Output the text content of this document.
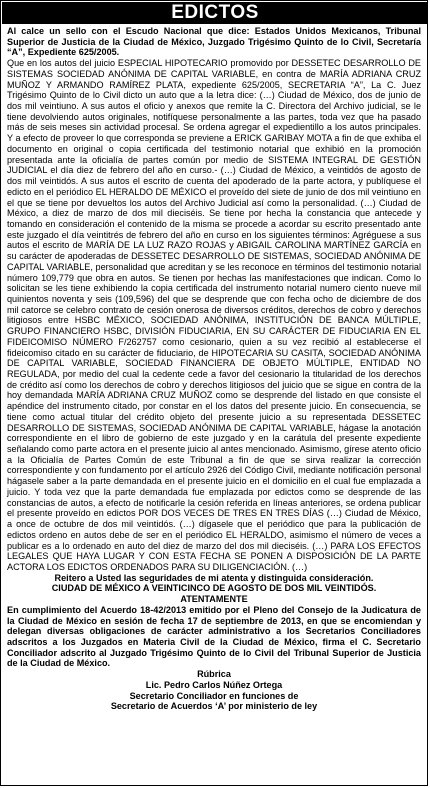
EDICTOS

Al calce un sello con el Escudo Nacional que dice: Estados Unidos Mexicanos, Tribunal Superior de Justicia de la Ciudad de México, Juzgado Trigésimo Quinto de lo Civil, Secretaría “A”, Expediente 625/2005.

Que en los autos del juicio ESPECIAL HIPOTECARIO promovido por DESSETEC DESARROLLO DE SISTEMAS SOCIEDAD ANÓNIMA DE CAPITAL VARIABLE, en contra de MARÍA ADRIANA CRUZ MUÑOZ Y ARMANDO RAMÍREZ PLATA, expediente 625/2005, SECRETARIA “A”, La C. Juez Trigésimo Quinto de lo Civil dicto un auto que a la letra dice: (…) Ciudad de México, dos de junio de dos mil veintiuno. A sus autos el oficio y anexos que remite la C. Directora del Archivo judicial, se le tiene devolviendo autos originales, notifíquese personalmente a las partes, toda vez que ha pasado más de seis meses sin actividad procesal. Se ordena agregar el expedientillo a los autos principales. Y a efecto de proveer lo que corresponda se previene a ERICK GARIBAY MOTA a fin de que exhiba el documento en original o copia certificada del testimonio notarial que exhibió en la promoción presentada ante la oficialía de partes común por medio de SISTEMA INTEGRAL DE GESTIÓN JUDICIAL el día diez de febrero del año en curso.- (…) Ciudad de México, a veintidós de agosto de dos mil veintidós. A sus autos el escrito de cuenta del apoderado de la parte actora, y publíquese el edicto en el periódico EL HERALDO DE MÉXICO el proveído del siete de junio de dos mil veintiuno en el que se tiene por devueltos los autos del Archivo Judicial así como la personalidad. (…) Ciudad de México, a diez de marzo de dos mil dieciséis. Se tiene por hecha la constancia que antecede y tomando en consideración el contenido de la misma se procede a acordar su escrito presentado ante este juzgado el día veintitrés de febrero del año en curso en los siguientes términos: Agréguese a sus autos el escrito de MARÍA DE LA LUZ RAZO ROJAS y ABIGAIL CAROLINA MARTÍNEZ GARCÍA en su carácter de apoderadas de DESSETEC DESARROLLO DE SISTEMAS, SOCIEDAD ANÓNIMA DE CAPITAL VARIABLE, personalidad que acreditan y se les reconoce en términos del testimonio notarial número 109,779 que obra en autos. Se tienen por hechas las manifestaciones que indican. Como lo solicitan se les tiene exhibiendo la copia certificada del instrumento notarial numero ciento nueve mil quinientos noventa y seis (109,596) del que se desprende que con fecha ocho de diciembre de dos mil catorce se celebro contrato de cesión onerosa de diversos créditos, derechos de cobro y derechos litigiosos entre HSBC MÉXICO, SOCIEDAD ANÓNIMA, INSTITUCIÓN DE BANCA MÚLTIPLE, GRUPO FINANCIERO HSBC, DIVISIÓN FIDUCIARIA, EN SU CARÁCTER DE FIDUCIARIA EN EL FIDEICOMISO NÚMERO F/262757 como cesionario, quien a su vez recibió al establecerse el fideicomiso citado en su carácter de fiduciario, de HIPOTECARIA SU CASITA, SOCIEDAD ANÓNIMA DE CAPITAL VARIABLE, SOCIEDAD FINANCIERA DE OBJETO MÚLTIPLE, ENTIDAD NO REGULADA, por medio del cual la cedente cede a favor del cesionario la titularidad de los derechos de crédito así como los derechos de cobro y derechos litigiosos del juicio que se sigue en contra de la hoy demandada MARÍA ADRIANA CRUZ MUÑOZ como se desprende del listado en que consiste el apéndice del instrumento citado, por constar en el los datos del presente juicio. En consecuencia, se tiene como actual titular del crédito objeto del presente juicio a su representada DESSETEC DESARROLLO DE SISTEMAS, SOCIEDAD ANÓNIMA DE CAPITAL VARIABLE, hágase la anotación correspondiente en el libro de gobierno de este juzgado y en la carátula del presente expediente señalando como parte actora en el presente juicio al antes mencionado. Asimismo, gírese atento oficio a la Oficialía de Partes Común de este Tribunal a fin de que se sirva realizar la corrección correspondiente y con fundamento por el artículo 2926 del Código Civil, mediante notificación personal hágasele saber a la parte demandada en el presente juicio en el domicilio en el cual fue emplazada a juicio. Y toda vez que la parte demandada fue emplazada por edictos como se desprende de las constancias de autos, a efecto de notificarle la cesión referida en líneas anteriores, se ordena publicar el presente proveído en edictos POR DOS VECES DE TRES EN TRES DÍAS (…) Ciudad de México, a once de octubre de dos mil veintidós. (…) dígasele que el periódico que para la publicación de edictos ordeno en autos debe de ser en el periódico EL HERALDO, asimismo el número de veces a publicar es a lo ordenado en auto del diez de marzo del dos mil dieciséis. (…) PARA LOS EFECTOS LEGALES QUE HAYA LUGAR Y CON ESTA FECHA SE PONEN A DISPOSICIÓN DE LA PARTE ACTORA LOS EDICTOS ORDENADOS PARA SU DILIGENCIACIÓN. (…)

Reitero a Usted las seguridades de mi atenta y distinguida consideración.

CIUDAD DE MÉXICO A VEINTICINCO DE AGOSTO DE DOS MIL VEINTIDÓS.

ATENTAMENTE

En cumplimiento del Acuerdo 18-42/2013 emitido por el Pleno del Consejo de la Judicatura de la Ciudad de México en sesión de fecha 17 de septiembre de 2013, en que se encomiendan y delegan diversas obligaciones de carácter administrativo a los Secretarios Conciliadores adscritos a los Juzgados en Materia Civil de la Ciudad de México, firma el C. Secretario Conciliador adscrito al Juzgado Trigésimo Quinto de lo Civil del Tribunal Superior de Justicia de la Ciudad de México.

Rúbrica

Lic. Pedro Carlos Núñez Ortega

Secretario Conciliador en funciones de

Secretario de Acuerdos ‘A’ por ministerio de ley
